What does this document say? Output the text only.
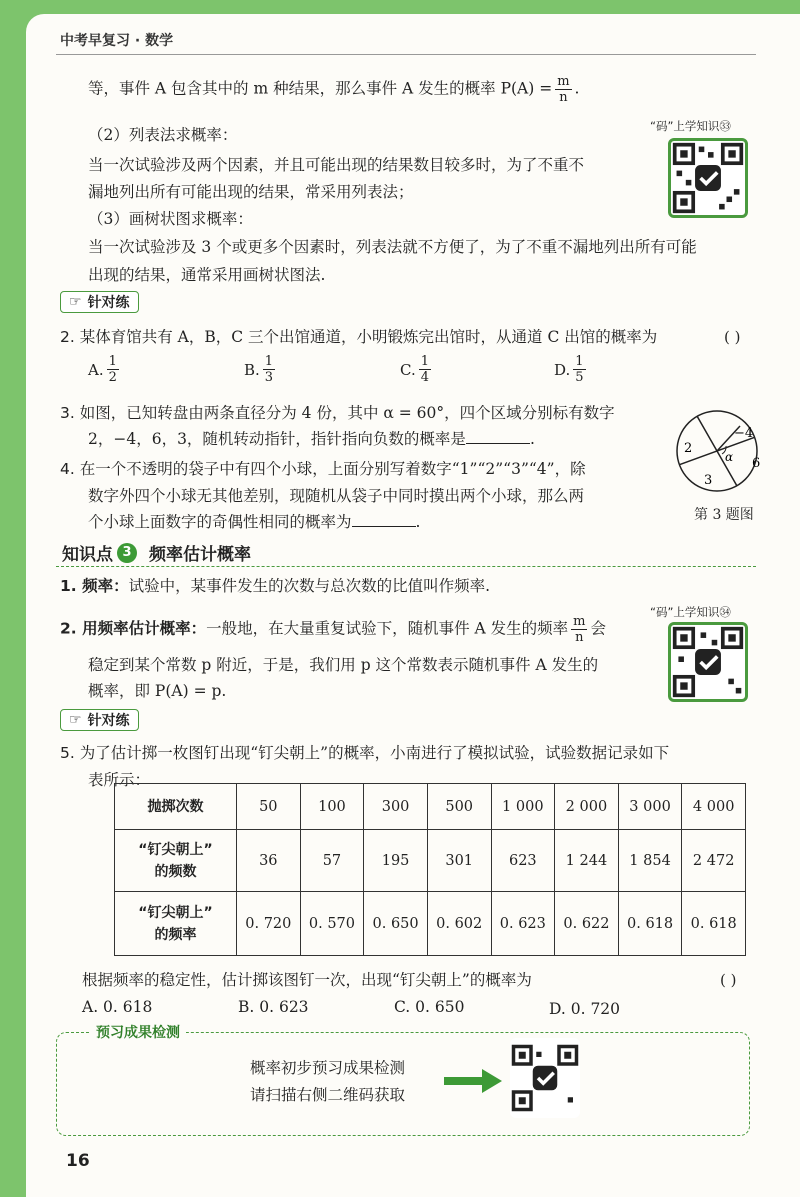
中考早复习 · 数学
等，事件 A 包含其中的 m 种结果，那么事件 A 发生的概率 $P(A) = \frac{m}{n}$ .
（2）列表法求概率：
当一次试验涉及两个因素，并且可能出现的结果数目较多时，为了不重不
漏地列出所有可能出现的结果，常采用列表法；
（3）画树状图求概率：
当一次试验涉及 3 个或更多个因素时，列表法就不方便了，为了不重不漏地列出所有可能
出现的结果，通常采用画树状图法.
“码”上学知识㉝
☞ 针对练
2. 某体育馆共有 A，B，C 三个出馆通道，小明锻炼完出馆时，从通道 C 出馆的概率为	( )
A. $\frac{1}{2}$	B. $\frac{1}{3}$	C. $\frac{1}{4}$	D. $\frac{1}{5}$
3. 如图，已知转盘由两条直径分为 4 份，其中 α = 60°，四个区域分别标有数字
2，−4，6，3，随机转动指针，指针指向负数的概率是	.	−4
2
6
3
α
第 3 题图
4. 在一个不透明的袋子中有四个小球，上面分别写着数字“1”“2”“3”“4”，除
数字外四个小球无其他差别，现随机从袋子中同时摸出两个小球，那么两
个小球上面数字的奇偶性相同的概率为	.
知识点 3	频率估计概率
1. 频率：试验中，某事件发生的次数与总次数的比值叫作频率.
2. 用频率估计概率：一般地，在大量重复试验下，随机事件 A 发生的频率 $\frac{m}{n}$ 会
稳定到某个常数 p 附近，于是，我们用 p 这个常数表示随机事件 A 发生的
概率，即 P(A) = p.
“码”上学知识㉞
☞ 针对练
5. 为了估计掷一枚图钉出现“钉尖朝上”的概率，小南进行了模拟试验，试验数据记录如下
表所示：
抛掷次数	50	100	300	500	1 000	2 000	3 000	4 000

“钉尖朝上”
的频数	36	57	195	301	623	1 244	1 854	2 472

“钉尖朝上”
的频率	0. 720	0. 570	0. 650	0. 602	0. 623	0. 622	0. 618	0. 618
根据频率的稳定性，估计掷该图钉一次，出现“钉尖朝上”的概率为	( )
A. 0. 618	B. 0. 623	C. 0. 650	D. 0. 720
预习成果检测
概率初步预习成果检测
请扫描右侧二维码获取
16
